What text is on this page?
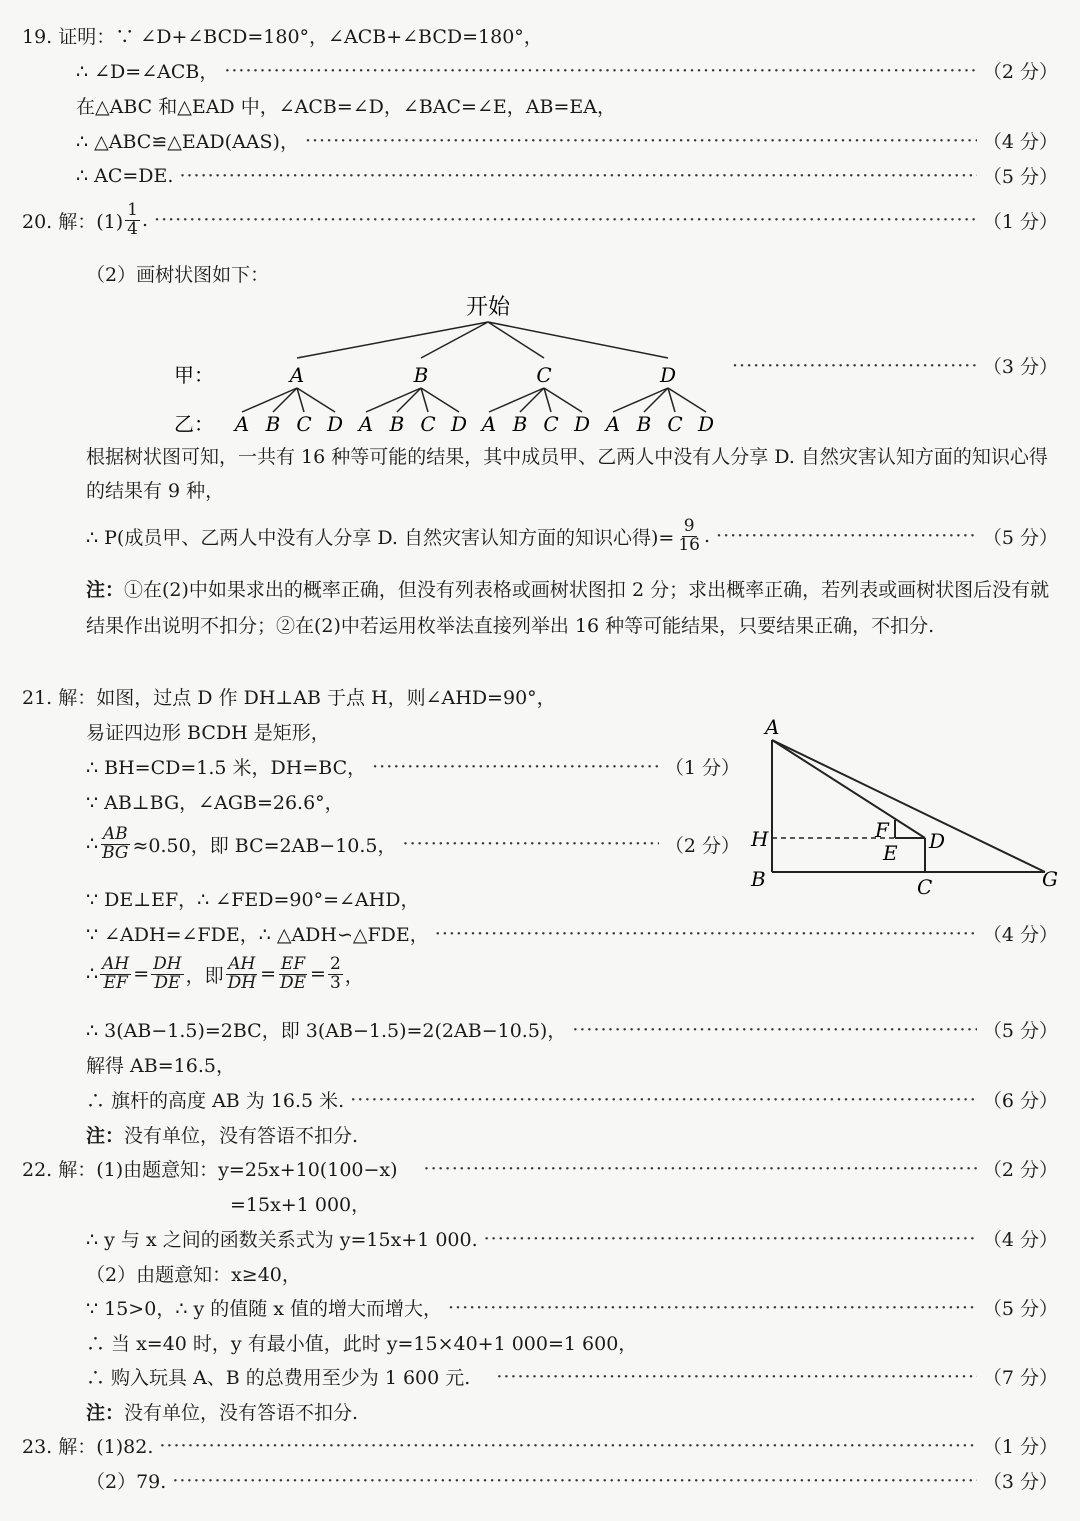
19. 证明：∵ ∠D+∠BCD=180°，∠ACB+∠BCD=180°，
∴ ∠D=∠ACB， ·····	（2 分）
在△ABC 和△EAD 中，∠ACB=∠D，∠BAC=∠E，AB=EA，
∴ △ABC≌△EAD(AAS)， ·····	（4 分）
∴ AC=DE. ·····	（5 分）
20. 解：$(1) \frac{1}{4}$ . ·····	（1 分）
（2）画树状图如下：
开始
甲：
乙：
A	B	C	D
A B C D A B C D A B C D A B C D
·····
（3 分）
根据树状图可知，一共有 16 种等可能的结果，其中成员甲、乙两人中没有人分享 D. 自然灾害认知方面的知识心得的结果有 9 种，
∴ P(成员甲、乙两人中没有人分享 D. 自然灾害认知方面的知识心得)= $\frac{9}{16}$ . ·····	（5 分）
注：①在(2)中如果求出的概率正确，但没有列表格或画树状图扣 2 分；求出概率正确，若列表或画树状图后没有就结果作出说明不扣分；②在(2)中若运用枚举法直接列举出 16 种等可能结果，只要结果正确，不扣分.
21. 解：如图，过点 D 作 DH⊥AB 于点 H，则∠AHD=90°，
易证四边形 BCDH 是矩形，
∴ BH=CD=1.5 米，DH=BC， ·····	（1 分）
∵ AB⊥BG，∠AGB=26.6°，
∴ $\frac{AB}{BG} \approx 0.50$，即 BC=2AB−10.5， ·····	（2 分）
∵ DE⊥EF，∴ ∠FED=90°=∠AHD，
∵ ∠ADH=∠FDE，∴ △ADH∽△FDE， ·····	（4 分）
∴ $\frac{AH}{EF} = \frac{DH}{DE}$ ，即 $\frac{AH}{DH} = \frac{EF}{DE} = \frac{2}{3}$ ，
∴ 3(AB−1.5)=2BC，即 3(AB−1.5)=2(2AB−10.5)， ·····	（5 分）
解得 AB=16.5，
∴ 旗杆的高度 AB 为 16.5 米. ·····	（6 分）
注：没有单位，没有答语不扣分.
A
H
B
F
E D
C	G
22. 解：(1)由题意知：y=25x+10(100−x) ·····	（2 分）
=15x+1 000，
∴ y 与 x 之间的函数关系式为 y=15x+1 000. ·····	（4 分）
（2）由题意知：x≥40，
∵ 15>0，∴ y 的值随 x 值的增大而增大， ·····	（5 分）
∴ 当 x=40 时，y 有最小值，此时 y=15×40+1 000=1 600，
∴ 购入玩具 A、B 的总费用至少为 1 600 元. ·····	（7 分）
注：没有单位，没有答语不扣分.
23. 解：(1)82. ·····	（1 分）
（2）79. ·····	（3 分）
